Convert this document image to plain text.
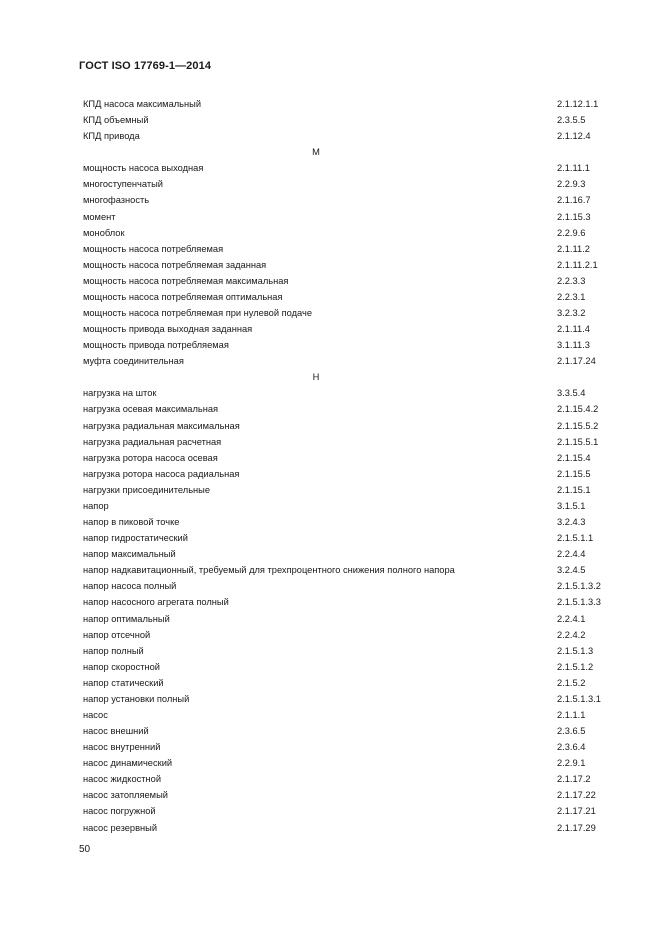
ГОСТ ISO 17769-1—2014
КПД насоса максимальный	2.1.12.1.1
КПД объемный	2.3.5.5
КПД привода	2.1.12.4
М
мощность насоса выходная	2.1.11.1
многоступенчатый	2.2.9.3
многофазность	2.1.16.7
момент	2.1.15.3
моноблок	2.2.9.6
мощность насоса потребляемая	2.1.11.2
мощность насоса потребляемая заданная	2.1.11.2.1
мощность насоса потребляемая максимальная	2.2.3.3
мощность насоса потребляемая оптимальная	2.2.3.1
мощность насоса потребляемая при нулевой подаче	3.2.3.2
мощность привода выходная заданная	2.1.11.4
мощность привода потребляемая	3.1.11.3
муфта соединительная	2.1.17.24
Н
нагрузка на шток	3.3.5.4
нагрузка осевая максимальная	2.1.15.4.2
нагрузка радиальная максимальная	2.1.15.5.2
нагрузка радиальная расчетная	2.1.15.5.1
нагрузка ротора насоса осевая	2.1.15.4
нагрузка ротора насоса радиальная	2.1.15.5
нагрузки присоединительные	2.1.15.1
напор	3.1.5.1
напор в пиковой точке	3.2.4.3
напор гидростатический	2.1.5.1.1
напор максимальный	2.2.4.4
напор надкавитационный, требуемый для трехпроцентного снижения полного напора	3.2.4.5
напор насоса полный	2.1.5.1.3.2
напор насосного агрегата полный	2.1.5.1.3.3
напор оптимальный	2.2.4.1
напор отсечной	2.2.4.2
напор полный	2.1.5.1.3
напор скоростной	2.1.5.1.2
напор статический	2.1.5.2
напор установки полный	2.1.5.1.3.1
насос	2.1.1.1
насос внешний	2.3.6.5
насос внутренний	2.3.6.4
насос динамический	2.2.9.1
насос жидкостной	2.1.17.2
насос затопляемый	2.1.17.22
насос погружной	2.1.17.21
насос резервный	2.1.17.29
50
